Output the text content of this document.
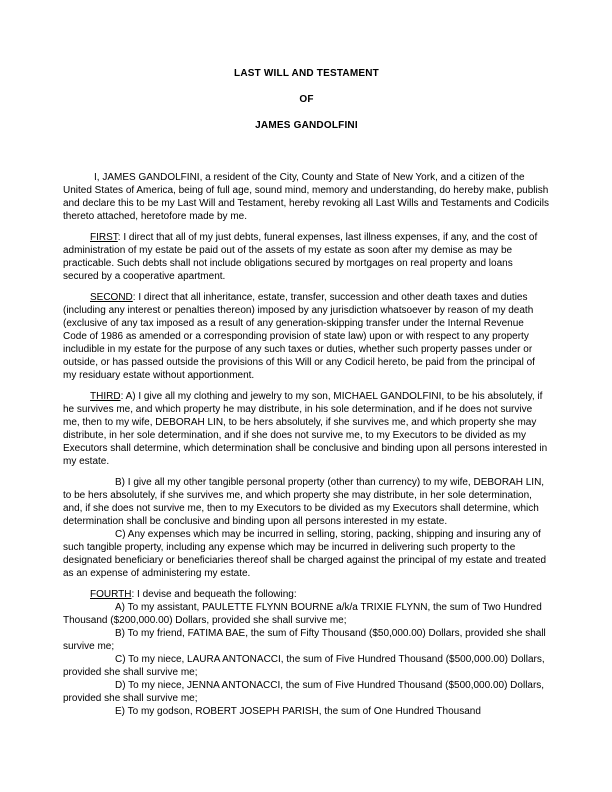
LAST WILL AND TESTAMENT

OF

JAMES GANDOLFINI

I, JAMES GANDOLFINI, a resident of the City, County and State of New York, and a citizen of the United States of America, being of full age, sound mind, memory and understanding, do hereby make, publish and declare this to be my Last Will and Testament, hereby revoking all Last Wills and Testaments and Codicils thereto attached, heretofore made by me.

FIRST: I direct that all of my just debts, funeral expenses, last illness expenses, if any, and the cost of administration of my estate be paid out of the assets of my estate as soon after my demise as may be practicable. Such debts shall not include obligations secured by mortgages on real property and loans secured by a cooperative apartment.

SECOND: I direct that all inheritance, estate, transfer, succession and other death taxes and duties (including any interest or penalties thereon) imposed by any jurisdiction whatsoever by reason of my death (exclusive of any tax imposed as a result of any generation-skipping transfer under the Internal Revenue Code of 1986 as amended or a corresponding provision of state law) upon or with respect to any property includible in my estate for the purpose of any such taxes or duties, whether such property passes under or outside, or has passed outside the provisions of this Will or any Codicil hereto, be paid from the principal of my residuary estate without apportionment.

THIRD: A) I give all my clothing and jewelry to my son, MICHAEL GANDOLFINI, to be his absolutely, if he survives me, and which property he may distribute, in his sole determination, and if he does not survive me, then to my wife, DEBORAH LIN, to be hers absolutely, if she survives me, and which property she may distribute, in her sole determination, and if she does not survive me, to my Executors to be divided as my Executors shall determine, which determination shall be conclusive and binding upon all persons interested in my estate.

B) I give all my other tangible personal property (other than currency) to my wife, DEBORAH LIN, to be hers absolutely, if she survives me, and which property she may distribute, in her sole determination, and, if she does not survive me, then to my Executors to be divided as my Executors shall determine, which determination shall be conclusive and binding upon all persons interested in my estate.

C) Any expenses which may be incurred in selling, storing, packing, shipping and insuring any of such tangible property, including any expense which may be incurred in delivering such property to the designated beneficiary or beneficiaries thereof shall be charged against the principal of my estate and treated as an expense of administering my estate.

FOURTH: I devise and bequeath the following:

A) To my assistant, PAULETTE FLYNN BOURNE a/k/a TRIXIE FLYNN, the sum of Two Hundred Thousand ($200,000.00) Dollars, provided she shall survive me;

B) To my friend, FATIMA BAE, the sum of Fifty Thousand ($50,000.00) Dollars, provided she shall survive me;

C) To my niece, LAURA ANTONACCI, the sum of Five Hundred Thousand ($500,000.00) Dollars, provided she shall survive me;

D) To my niece, JENNA ANTONACCI, the sum of Five Hundred Thousand ($500,000.00) Dollars, provided she shall survive me;

E) To my godson, ROBERT JOSEPH PARISH, the sum of One Hundred Thousand
